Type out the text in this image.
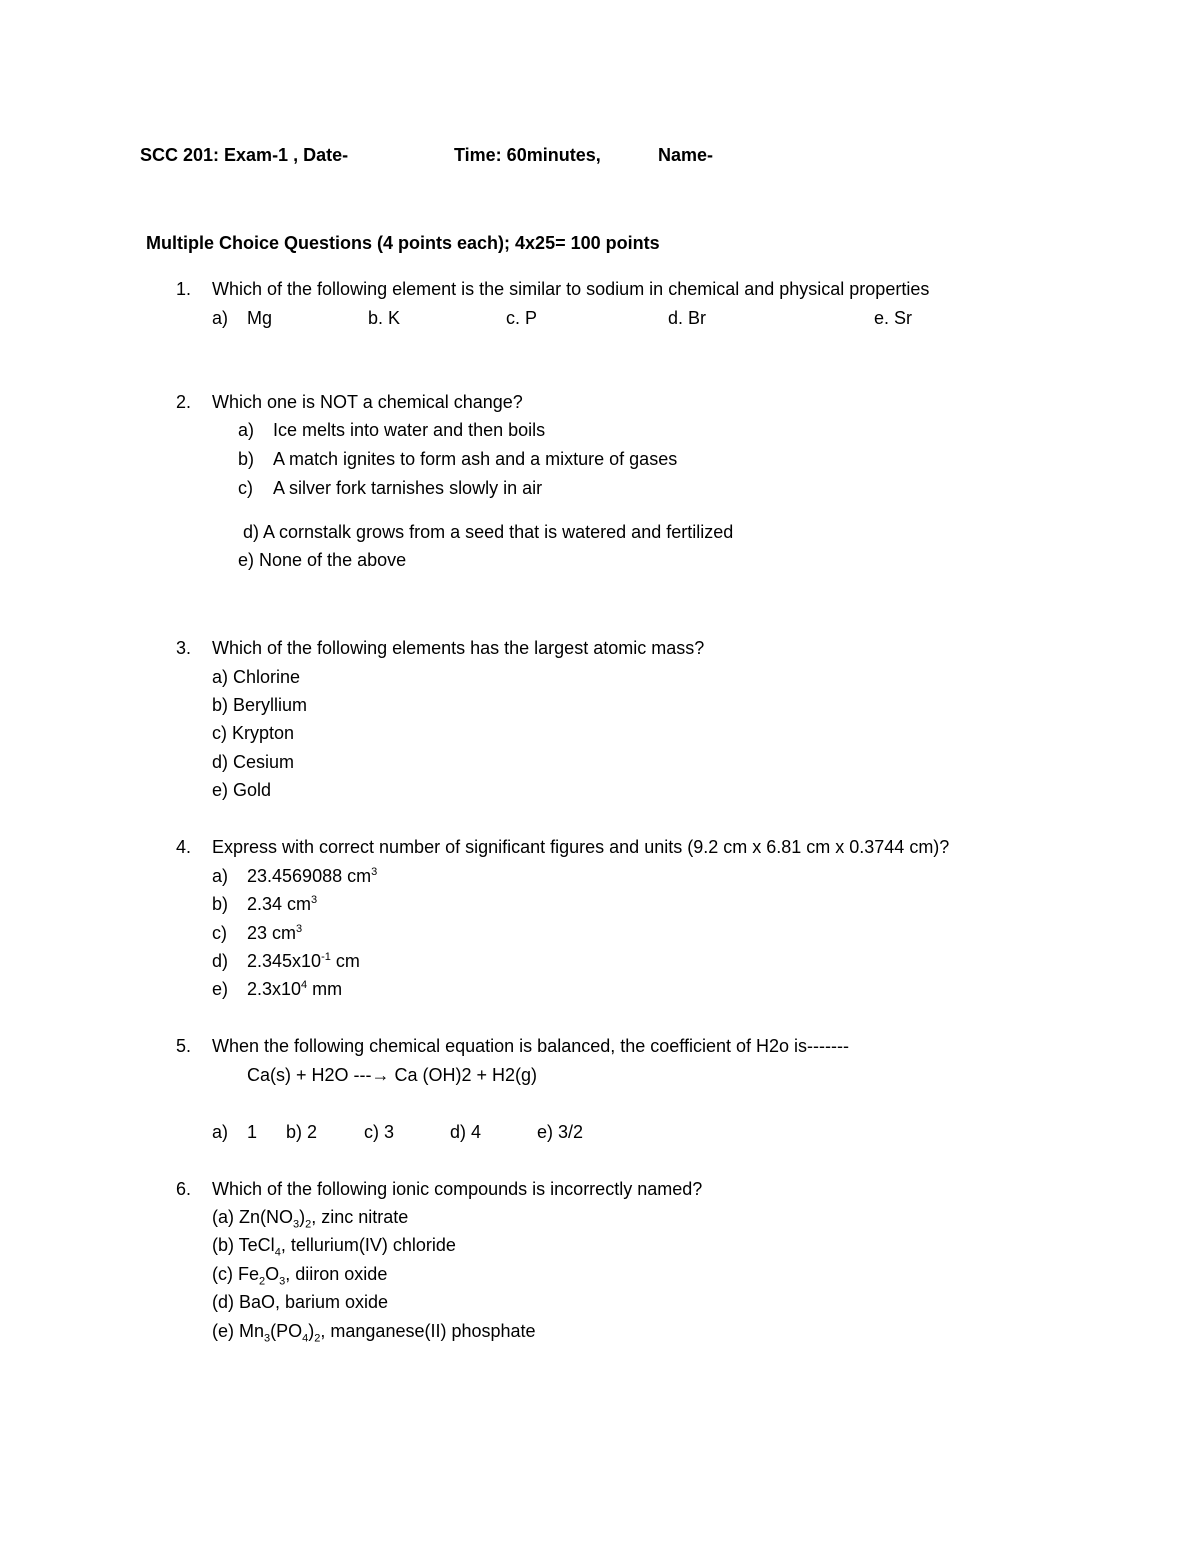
SCC 201: Exam-1 , Date-	Time: 60minutes,	Name-
Multiple Choice Questions (4 points each); 4x25= 100 points
1. Which of the following element is the similar to sodium in chemical and physical properties
a) Mg	b. K	c. P	d. Br	e. Sr
2. Which one is NOT a chemical change?
a) Ice melts into water and then boils
b) A match ignites to form ash and a mixture of gases
c) A silver fork tarnishes slowly in air
d) A cornstalk grows from a seed that is watered and fertilized
e) None of the above
3. Which of the following elements has the largest atomic mass?
a) Chlorine
b) Beryllium
c) Krypton
d) Cesium
e) Gold
4. Express with correct number of significant figures and units (9.2 cm x 6.81 cm x 0.3744 cm)?
a) 23.4569088 $cm^3$
b) 2.34 $cm^3$
c) 23 $cm^3$
d) $2.345x10^{-1}$ cm
e) $2.3x10^4$ mm
5. When the following chemical equation is balanced, the coefficient of H2o is-------
Ca(s) + H2O ---→ Ca (OH)2 + H2(g)
a) 1 b) 2	c) 3	d) 4	e) 3/2
6. Which of the following ionic compounds is incorrectly named?
(a) $Zn(NO_3)_2$, zinc nitrate
(b) TeCl$_4$, tellurium(IV) chloride
(c) $Fe_2O_3$, diiron oxide
(d) BaO, barium oxide
(e) $Mn_3(PO_4)_2$, manganese(II) phosphate
